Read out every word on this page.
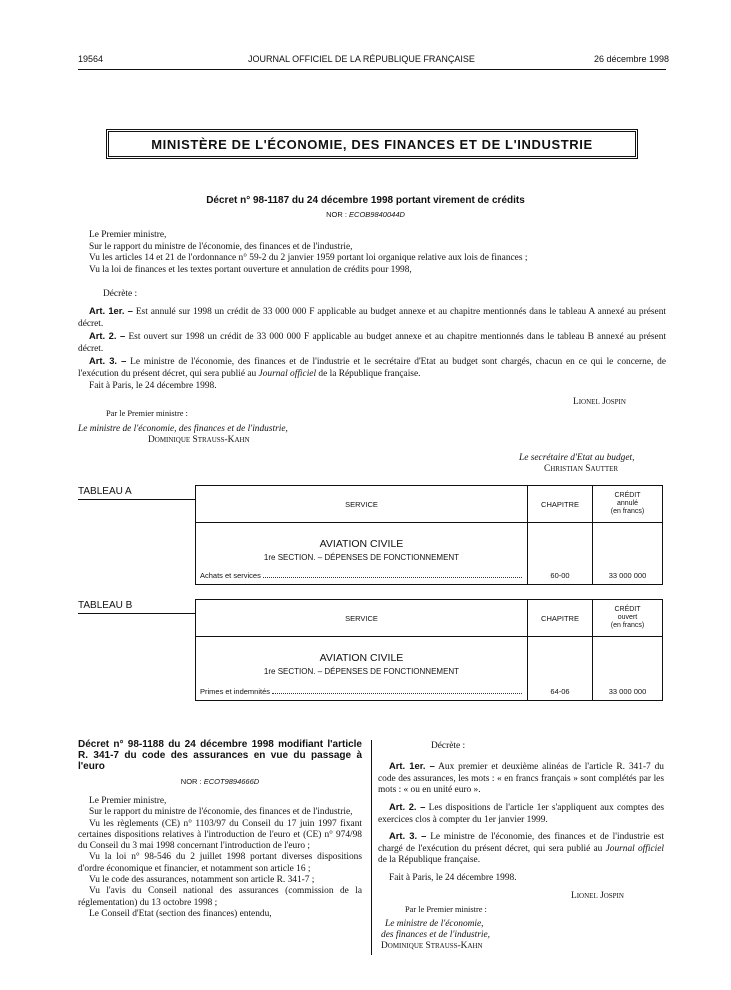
19564	JOURNAL OFFICIEL DE LA RÉPUBLIQUE FRANÇAISE	26 décembre 1998
MINISTÈRE DE L'ÉCONOMIE, DES FINANCES ET DE L'INDUSTRIE
Décret n° 98-1187 du 24 décembre 1998 portant virement de crédits
NOR : ECOB9840044D
Le Premier ministre,
Sur le rapport du ministre de l'économie, des finances et de l'industrie,
Vu les articles 14 et 21 de l'ordonnance n° 59-2 du 2 janvier 1959 portant loi organique relative aux lois de finances ;
Vu la loi de finances et les textes portant ouverture et annulation de crédits pour 1998,
Décrète :
Art. 1er. – Est annulé sur 1998 un crédit de 33 000 000 F applicable au budget annexe et au chapitre mentionnés dans le tableau A annexé au présent décret.
Art. 2. – Est ouvert sur 1998 un crédit de 33 000 000 F applicable au budget annexe et au chapitre mentionnés dans le tableau B annexé au présent décret.
Art. 3. – Le ministre de l'économie, des finances et de l'industrie et le secrétaire d'Etat au budget sont chargés, chacun en ce qui le concerne, de l'exécution du présent décret, qui sera publié au Journal officiel de la République française.
Fait à Paris, le 24 décembre 1998.
Lionel Jospin
Par le Premier ministre :
Le ministre de l'économie, des finances et de l'industrie,
Dominique Strauss-Kahn
Le secrétaire d'Etat au budget,
Christian Sautter
TABLEAU A
SERVICE	CHAPITRE	CRÉDIT
annulé
(en francs)

AVIATION CIVILE
1re SECTION. – DÉPENSES DE FONCTIONNEMENT
Achats et services	60-00	33 000 000
TABLEAU B
SERVICE	CHAPITRE	CRÉDIT
ouvert
(en francs)

AVIATION CIVILE
1re SECTION. – DÉPENSES DE FONCTIONNEMENT
Primes et indemnités	64-06	33 000 000
Décret n° 98-1188 du 24 décembre 1998 modifiant l'article R. 341-7 du code des assurances en vue du passage à l'euro
NOR : ECOT9894666D
Le Premier ministre,
Sur le rapport du ministre de l'économie, des finances et de l'industrie,
Vu les règlements (CE) n° 1103/97 du Conseil du 17 juin 1997 fixant certaines dispositions relatives à l'introduction de l'euro et (CE) n° 974/98 du Conseil du 3 mai 1998 concernant l'introduction de l'euro ;
Vu la loi n° 98-546 du 2 juillet 1998 portant diverses dispositions d'ordre économique et financier, et notamment son article 16 ;
Vu le code des assurances, notamment son article R. 341-7 ;
Vu l'avis du Conseil national des assurances (commission de la réglementation) du 13 octobre 1998 ;
Le Conseil d'Etat (section des finances) entendu,
Décrète :
Art. 1er. – Aux premier et deuxième alinéas de l'article R. 341-7 du code des assurances, les mots : « en francs français » sont complétés par les mots : « ou en unité euro ».
Art. 2. – Les dispositions de l'article 1er s'appliquent aux comptes des exercices clos à compter du 1er janvier 1999.
Art. 3. – Le ministre de l'économie, des finances et de l'industrie est chargé de l'exécution du présent décret, qui sera publié au Journal officiel de la République française.
Fait à Paris, le 24 décembre 1998.
Lionel Jospin
Par le Premier ministre :
Le ministre de l'économie,
des finances et de l'industrie,
Dominique Strauss-Kahn
